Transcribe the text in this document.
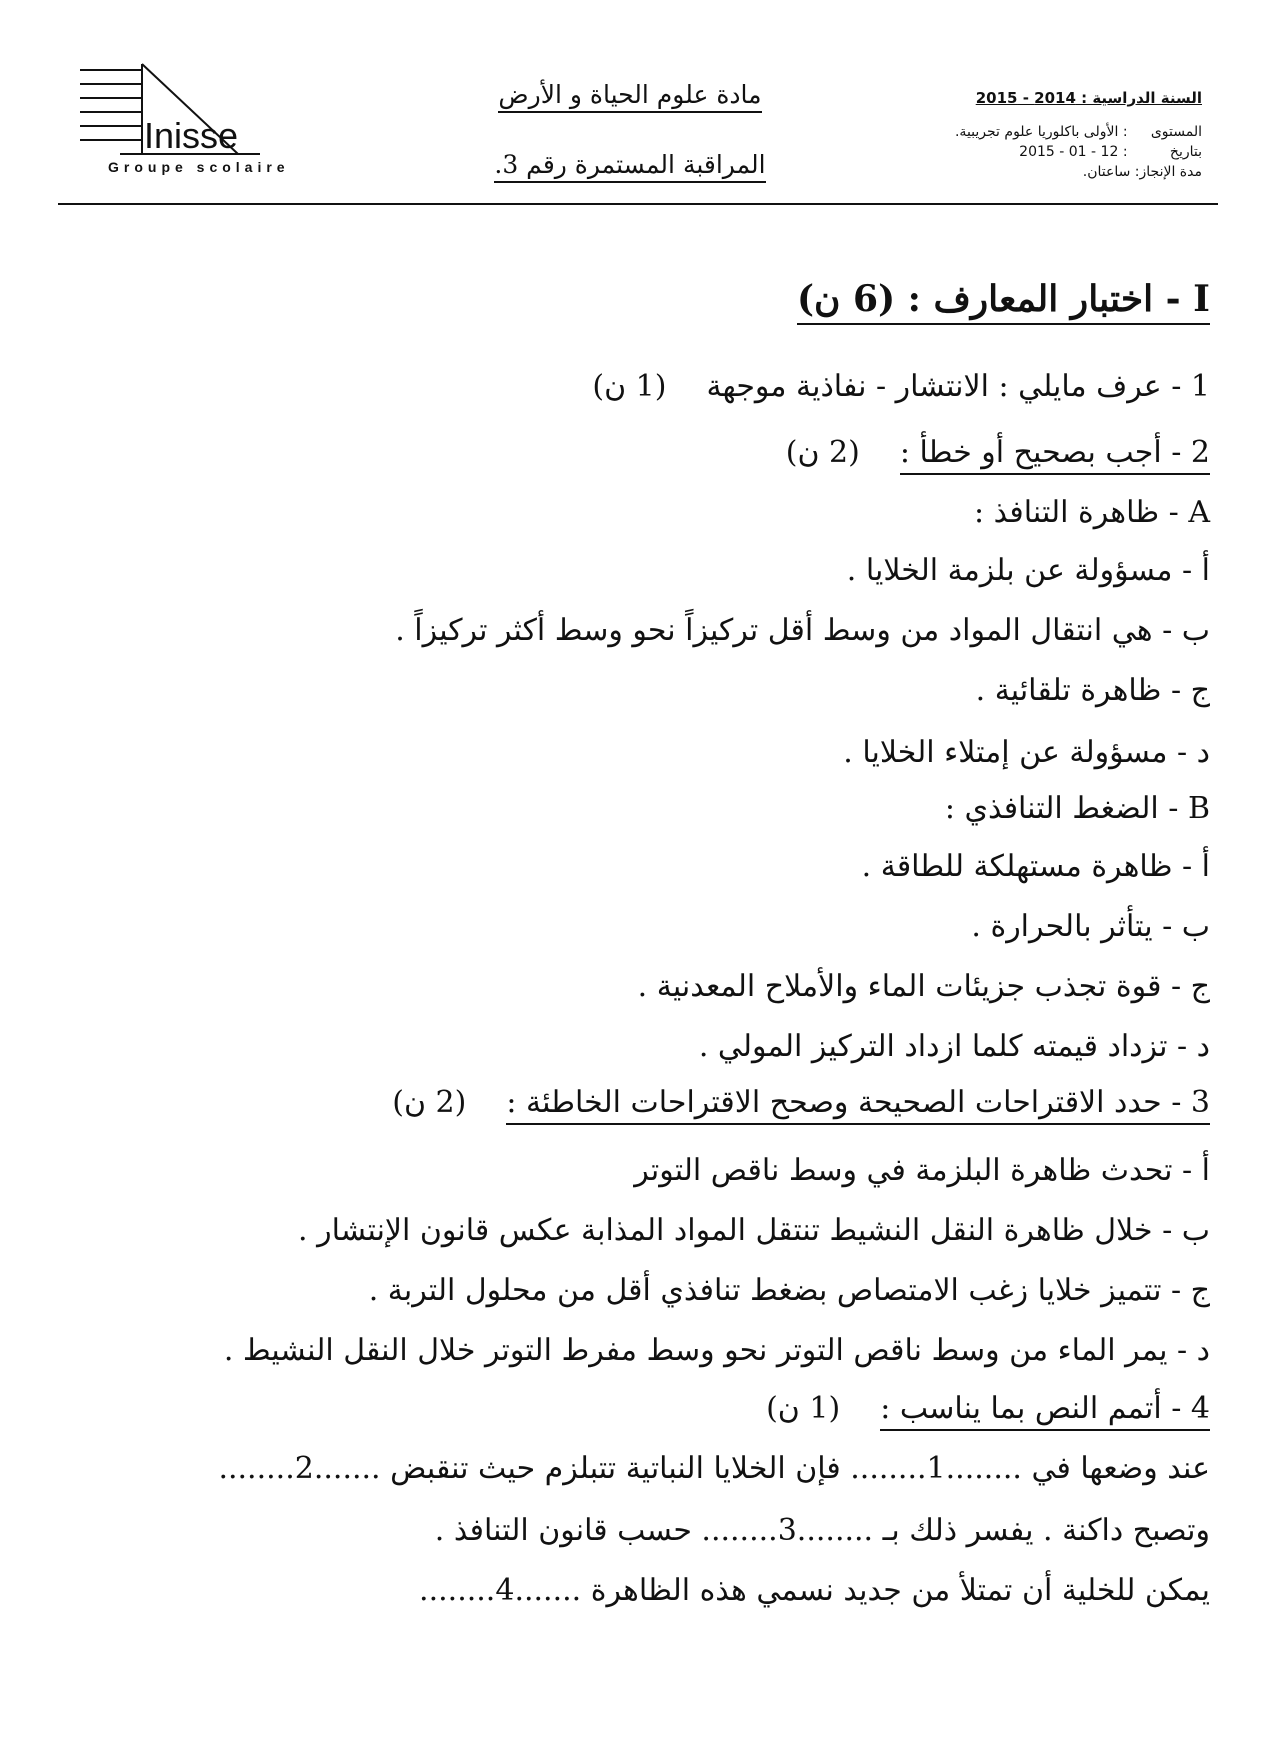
السنة الدراسية : 2014 - 2015
المستوى : الأولى باكلوريا علوم تجريبية.
بتاريخ : 12 - 01 - 2015
مدة الإنجاز: ساعتان.
مادة علوم الحياة و الأرض
المراقبة المستمرة رقم 3.
Inisse
Groupe scolaire
I - اختبار المعارف : (6 ن)
1 - عرف مايلي : الانتشار - نفاذية موجهة(1 ن)
2 - أجب بصحيح أو خطأ :(2 ن)
A - ظاهرة التنافذ :
أ - مسؤولة عن بلزمة الخلايا .
ب - هي انتقال المواد من وسط أقل تركيزاً نحو وسط أكثر تركيزاً .
ج - ظاهرة تلقائية .
د - مسؤولة عن إمتلاء الخلايا .
B - الضغط التنافذي :
أ - ظاهرة مستهلكة للطاقة .
ب - يتأثر بالحرارة .
ج - قوة تجذب جزيئات الماء والأملاح المعدنية .
د - تزداد قيمته كلما ازداد التركيز المولي .
3 - حدد الاقتراحات الصحيحة وصحح الاقتراحات الخاطئة :(2 ن)
أ - تحدث ظاهرة البلزمة في وسط ناقص التوتر
ب - خلال ظاهرة النقل النشيط تنتقل المواد المذابة عكس قانون الإنتشار .
ج - تتميز خلايا زغب الامتصاص بضغط تنافذي أقل من محلول التربة .
د - يمر الماء من وسط ناقص التوتر نحو وسط مفرط التوتر خلال النقل النشيط .
4 - أتمم النص بما يناسب :(1 ن)
عند وضعها في ........1........ فإن الخلايا النباتية تتبلزم حيث تنقبض .......2........
وتصبح داكنة . يفسر ذلك بـ ........3........ حسب قانون التنافذ .
يمكن للخلية أن تمتلأ من جديد نسمي هذه الظاهرة .......4........
